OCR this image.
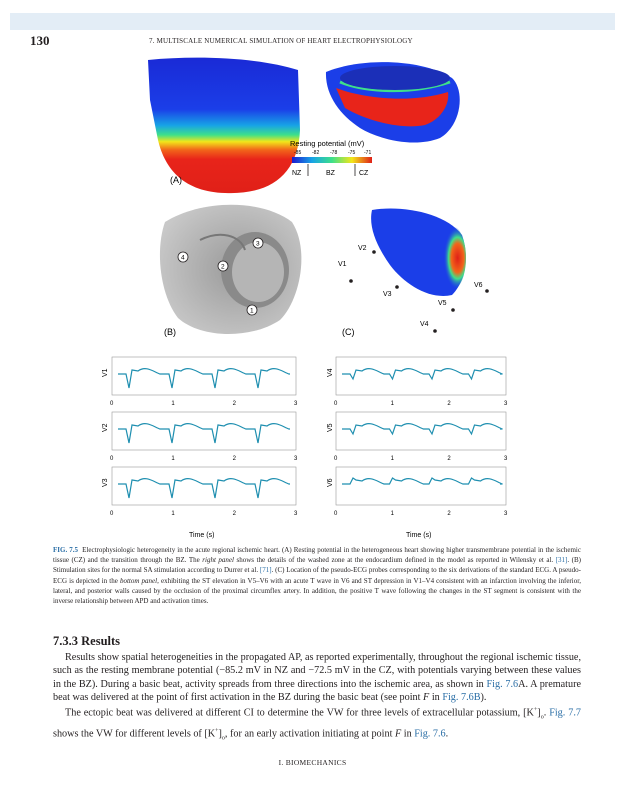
130	7. MULTISCALE NUMERICAL SIMULATION OF HEART ELECTROPHYSIOLOGY
(A)
Resting potential (mV)
-85 -82 -78 -75 -71
NZ	BZ	CZ
1
2
3
4
(B)
V2
V1
V3
V6
V5
V4
(C)
V1
0	1	2	3
V2
0	1	2	3
V3
0	1	2	3
Time (s)
V4
0	1	2	3
V5
0	1	2	3
V6
0	1	2	3
Time (s)
FIG. 7.5 Electrophysiologic heterogeneity in the acute regional ischemic heart. (A) Resting potential in the heterogeneous heart showing higher transmembrane potential in the ischemic tissue (CZ) and the transition through the BZ. The right panel shows the details of the washed zone at the endocardium defined in the model as reported in Wilensky et al. [31]. (B) Stimulation sites for the normal SA stimulation according to Durrer et al. [71]. (C) Location of the pseudo-ECG probes corresponding to the six derivations of the standard ECG. A pseudo-ECG is depicted in the bottom panel, exhibiting the ST elevation in V5–V6 with an acute T wave in V6 and ST depression in V1–V4 consistent with an infarction involving the inferior, lateral, and posterior walls caused by the occlusion of the proximal circumflex artery. In addition, the positive T wave following the changes in the ST segment is consistent with the inverse relationship between APD and activation times.
7.3.3 Results

Results show spatial heterogeneities in the propagated AP, as reported experimentally, throughout the regional ischemic tissue, such as the resting membrane potential (−85.2 mV in NZ and −72.5 mV in the CZ, with potentials varying between these values in the BZ). During a basic beat, activity spreads from three directions into the ischemic area, as shown in Fig. 7.6A. A premature beat was delivered at the point of first activation in the BZ during the basic beat (see point F in Fig. 7.6B).

The ectopic beat was delivered at different CI to determine the VW for three levels of extracellular potassium, $[K^+]_o$. Fig. 7.7 shows the VW for different levels of $[K^+]_o$, for an early activation initiating at point F in Fig. 7.6.

I. BIOMECHANICS
